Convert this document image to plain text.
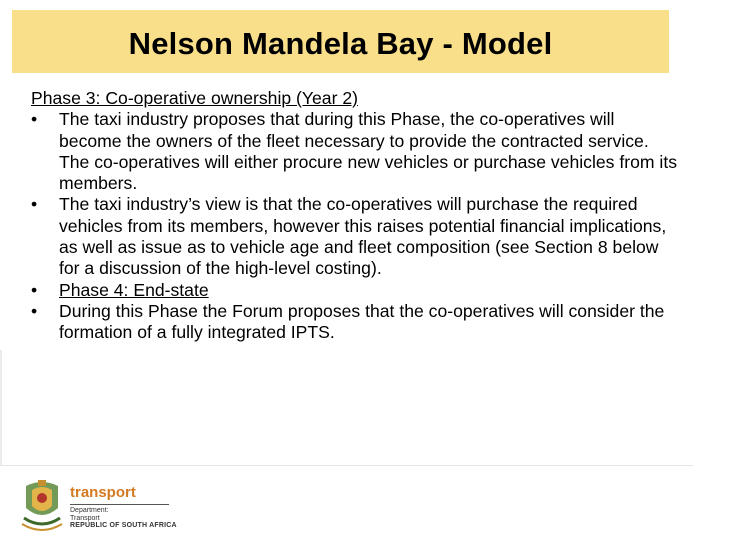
Nelson Mandela Bay - Model

Phase 3: Co-operative ownership (Year 2)

•	The taxi industry proposes that during this Phase, the co-operatives will become the owners of the fleet necessary to provide the contracted service. The co-operatives will either procure new vehicles or purchase vehicles from its members.
•	The taxi industry’s view is that the co-operatives will purchase the required vehicles from its members, however this raises potential financial implications, as well as issue as to vehicle age and fleet composition (see Section 8 below for a discussion of the high-level costing).
•	Phase 4: End-state
•	During this Phase the Forum proposes that the co-operatives will consider the formation of a fully integrated IPTS.
transport
Department:
Transport
REPUBLIC OF SOUTH AFRICA
